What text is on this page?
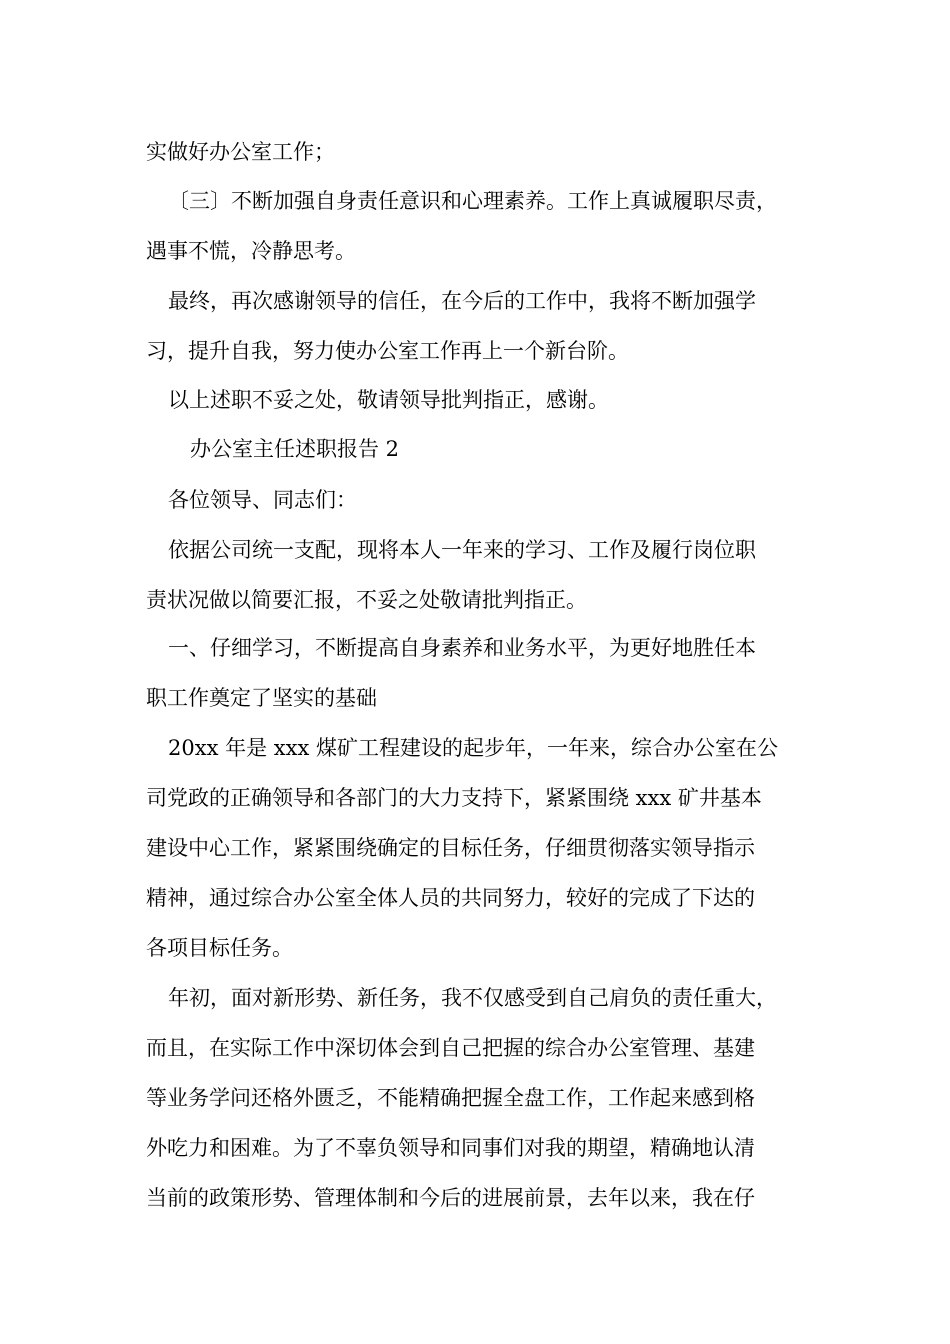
实做好办公室工作；
〔三〕不断加强自身责任意识和心理素养。工作上真诚履职尽责，
遇事不慌，冷静思考。
最终，再次感谢领导的信任，在今后的工作中，我将不断加强学
习，提升自我，努力使办公室工作再上一个新台阶。
以上述职不妥之处，敬请领导批判指正，感谢。
办公室主任述职报告 2
各位领导、同志们：
依据公司统一支配，现将本人一年来的学习、工作及履行岗位职
责状况做以简要汇报，不妥之处敬请批判指正。
一、仔细学习，不断提高自身素养和业务水平，为更好地胜任本
职工作奠定了坚实的基础
20xx 年是 xxx 煤矿工程建设的起步年，一年来，综合办公室在公
司党政的正确领导和各部门的大力支持下，紧紧围绕 xxx 矿井基本
建设中心工作，紧紧围绕确定的目标任务，仔细贯彻落实领导指示
精神，通过综合办公室全体人员的共同努力，较好的完成了下达的
各项目标任务。
年初，面对新形势、新任务，我不仅感受到自己肩负的责任重大，
而且，在实际工作中深切体会到自己把握的综合办公室管理、基建
等业务学问还格外匮乏，不能精确把握全盘工作，工作起来感到格
外吃力和困难。为了不辜负领导和同事们对我的期望，精确地认清
当前的政策形势、管理体制和今后的进展前景，去年以来，我在仔
